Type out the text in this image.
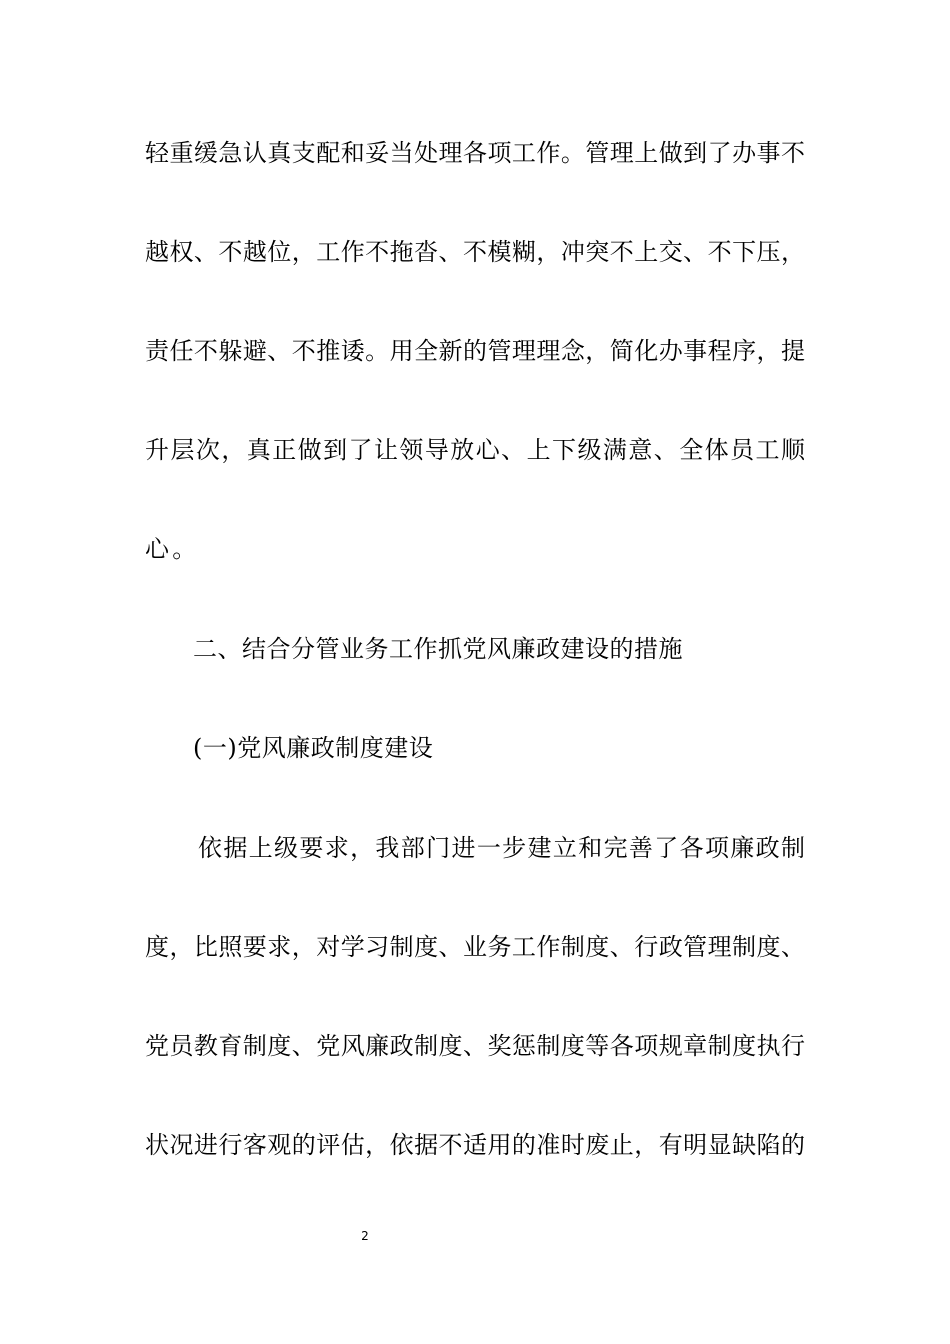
轻重缓急认真支配和妥当处理各项工作。管理上做到了办事不
越权、不越位，工作不拖沓、不模糊，冲突不上交、不下压，
责任不躲避、不推诿。用全新的管理理念，简化办事程序，提
升层次，真正做到了让领导放心、上下级满意、全体员工顺
心。
二、结合分管业务工作抓党风廉政建设的措施
(一)党风廉政制度建设
依据上级要求，我部门进一步建立和完善了各项廉政制
度，比照要求，对学习制度、业务工作制度、行政管理制度、
党员教育制度、党风廉政制度、奖惩制度等各项规章制度执行
状况进行客观的评估，依据不适用的准时废止，有明显缺陷的
2
